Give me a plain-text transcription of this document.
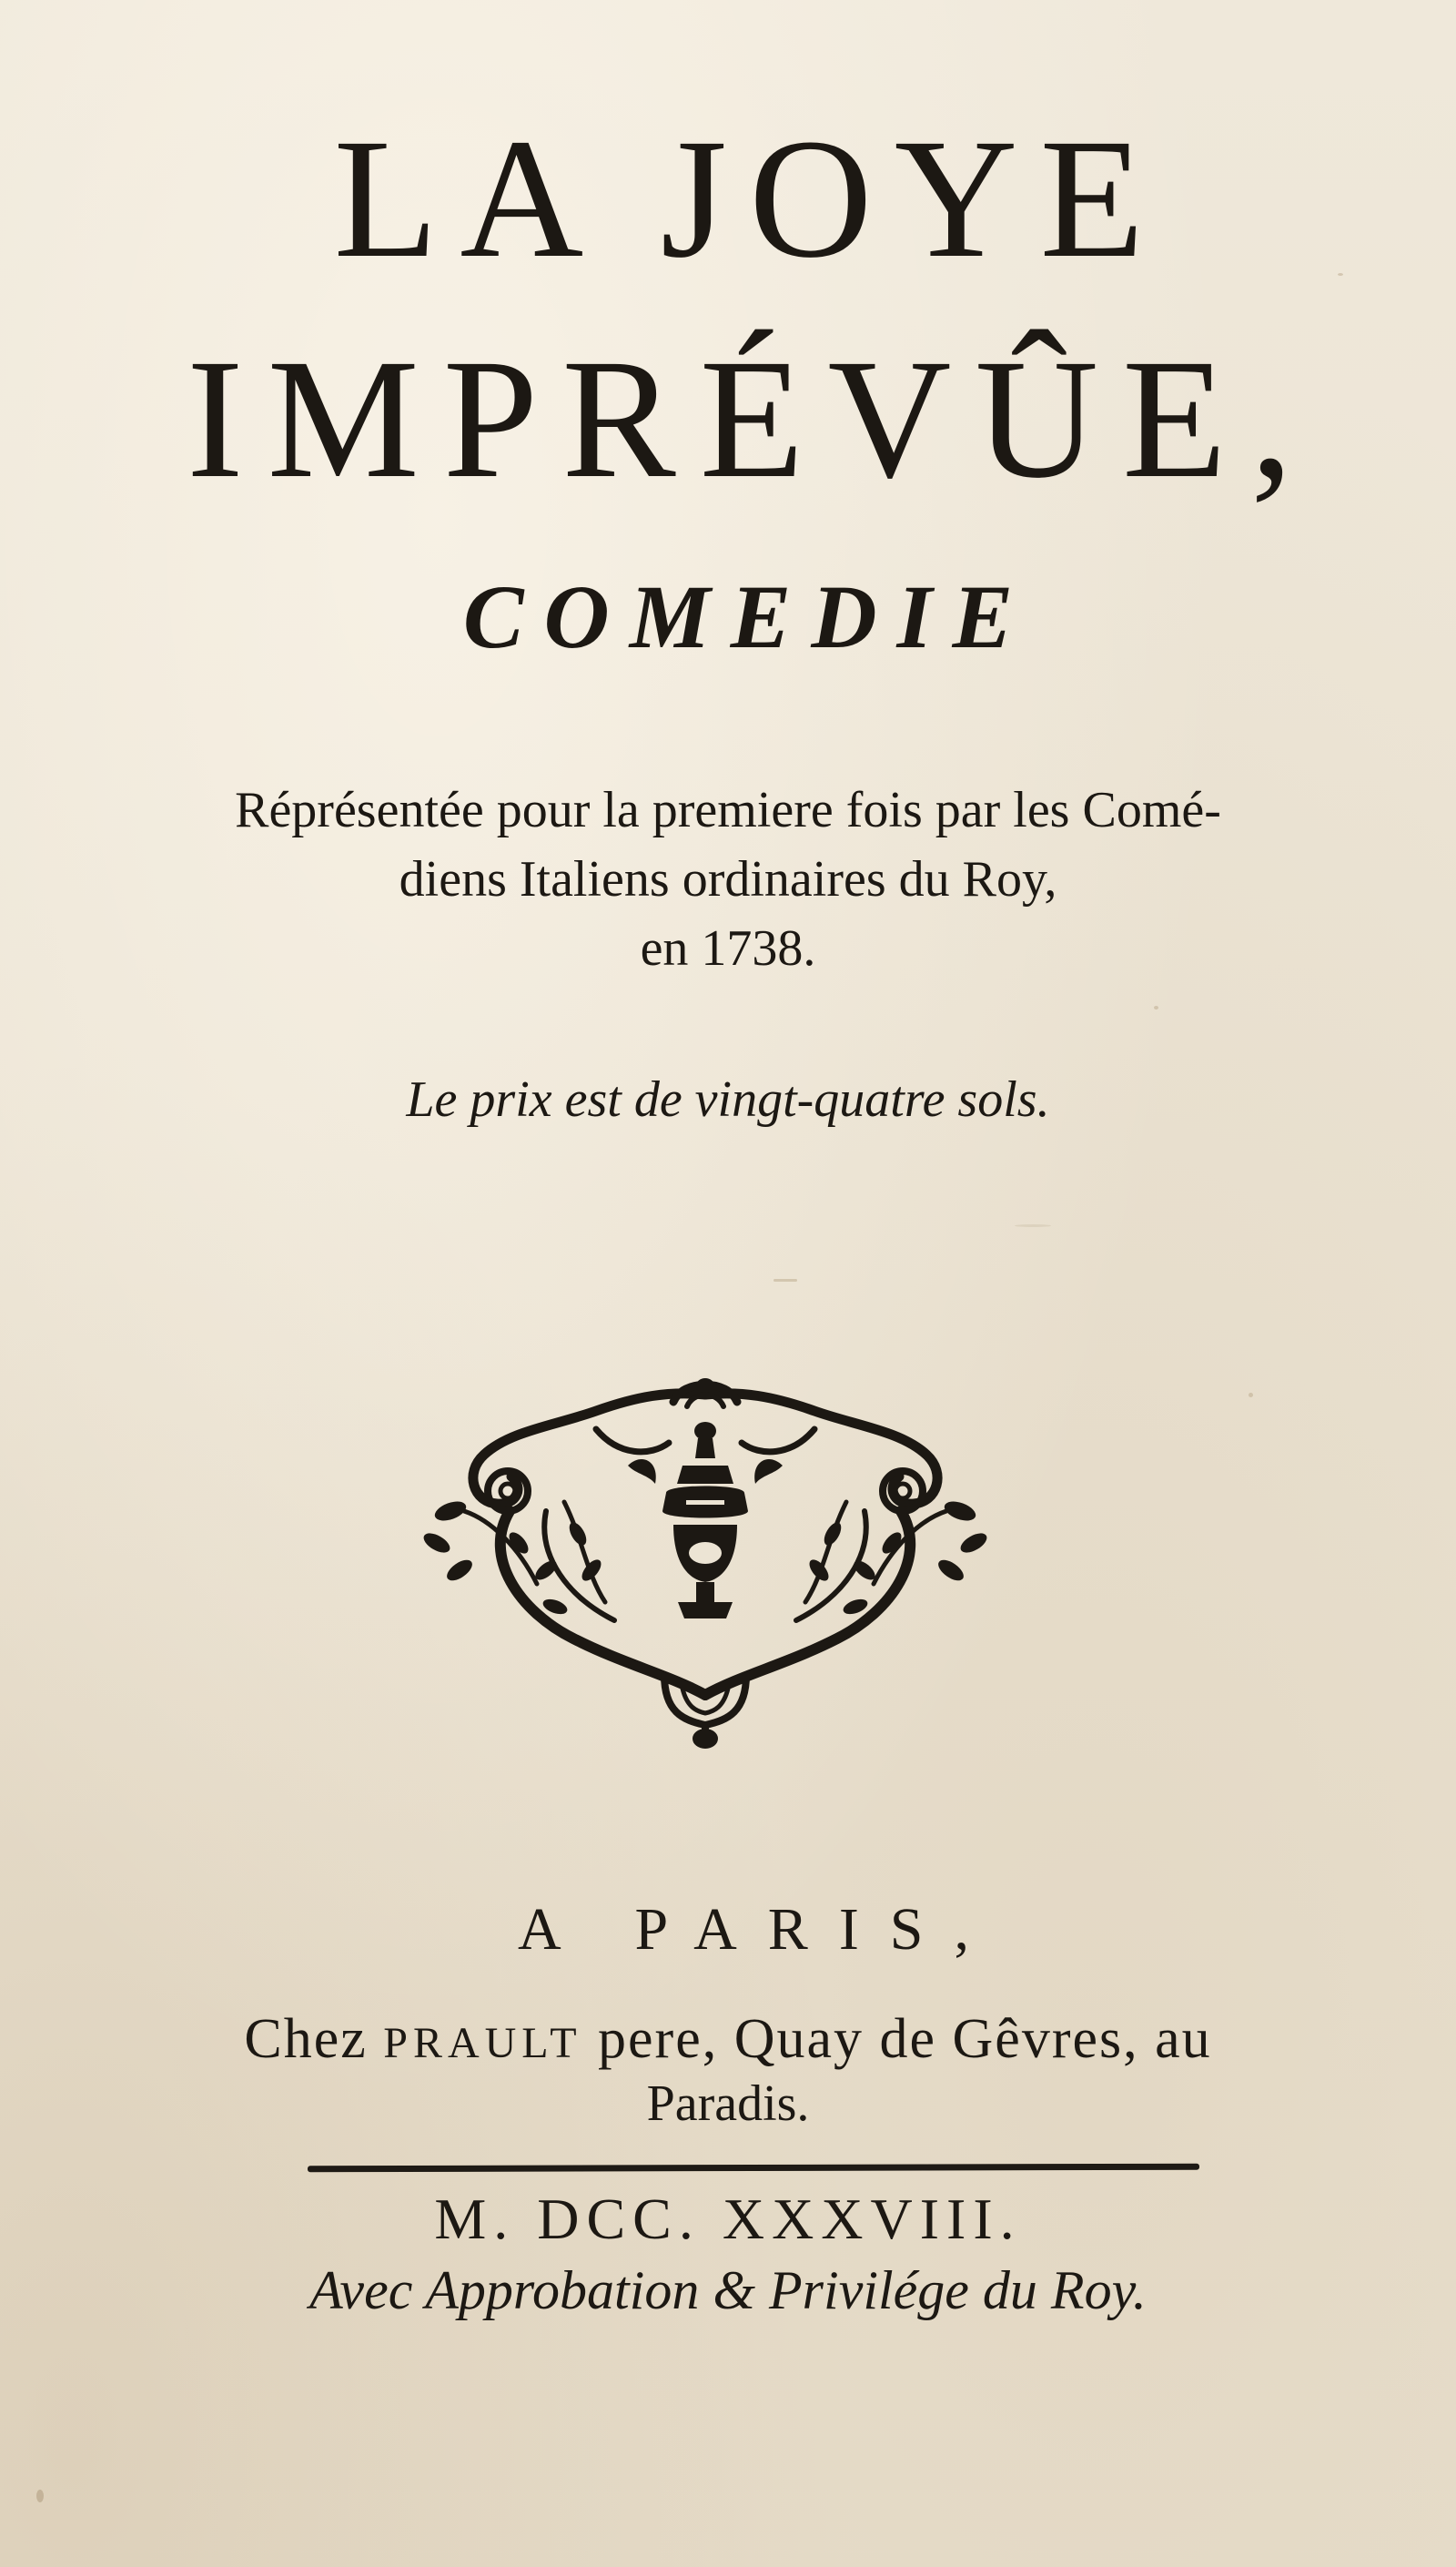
LA JOYE
IMPRÉVÛE,
COMEDIE

Réprésentée pour la premiere fois par les Comé-

diens Italiens ordinaires du Roy,

en 1738.

Le prix est de vingt-quatre sols.

A PARIS,

Chez PRAULT pere, Quay de Gêvres, au

Paradis.

M. DCC. XXXVIII.

Avec Approbation & Privilége du Roy.
